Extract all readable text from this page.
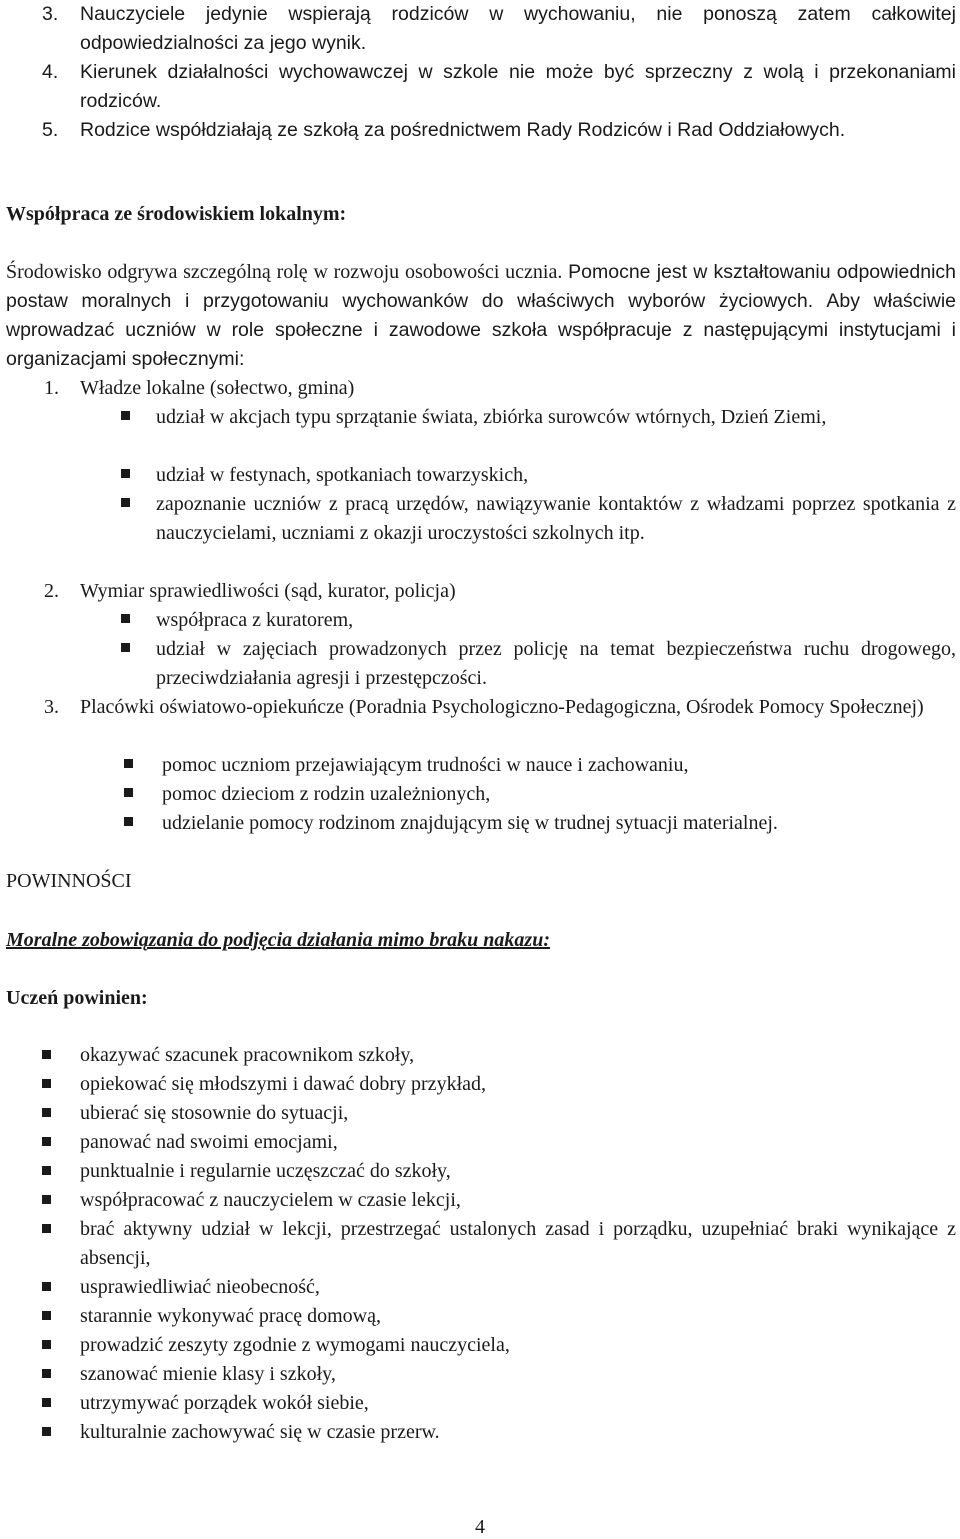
3. Nauczyciele jedynie wspierają rodziców w wychowaniu, nie ponoszą zatem całkowitej odpowiedzialności za jego wynik.
4. Kierunek działalności wychowawczej w szkole nie może być sprzeczny z wolą i przekonaniami rodziców.
5. Rodzice współdziałają ze szkołą za pośrednictwem Rady Rodziców i Rad Oddziałowych.
Współpraca ze środowiskiem lokalnym:

Środowisko odgrywa szczególną rolę w rozwoju osobowości ucznia. Pomocne jest w kształtowaniu odpowiednich postaw moralnych i przygotowaniu wychowanków do właściwych wyborów życiowych. Aby właściwie wprowadzać uczniów w role społeczne i zawodowe szkoła współpracuje z następującymi instytucjami i organizacjami społecznymi:

1. Władze lokalne (sołectwo, gmina)
udział w akcjach typu sprzątanie świata, zbiórka surowców wtórnych, Dzień Ziemi,
udział w festynach, spotkaniach towarzyskich,
zapoznanie uczniów z pracą urzędów, nawiązywanie kontaktów z władzami poprzez spotkania z nauczycielami, uczniami z okazji uroczystości szkolnych itp.
2. Wymiar sprawiedliwości (sąd, kurator, policja)
współpraca z kuratorem,
udział w zajęciach prowadzonych przez policję na temat bezpieczeństwa ruchu drogowego, przeciwdziałania agresji i przestępczości.
3. Placówki oświatowo-opiekuńcze (Poradnia Psychologiczno-Pedagogiczna, Ośrodek Pomocy Społecznej)
pomoc uczniom przejawiającym trudności w nauce i zachowaniu,
pomoc dzieciom z rodzin uzależnionych,
udzielanie pomocy rodzinom znajdującym się w trudnej sytuacji materialnej.
POWINNOŚCI
Moralne zobowiązania do podjęcia działania mimo braku nakazu:
Uczeń powinien:
okazywać szacunek pracownikom szkoły,
opiekować się młodszymi i dawać dobry przykład,
ubierać się stosownie do sytuacji,
panować nad swoimi emocjami,
punktualnie i regularnie uczęszczać do szkoły,
współpracować z nauczycielem w czasie lekcji,
brać aktywny udział w lekcji, przestrzegać ustalonych zasad i porządku, uzupełniać braki wynikające z absencji,
usprawiedliwiać nieobecność,
starannie wykonywać pracę domową,
prowadzić zeszyty zgodnie z wymogami nauczyciela,
szanować mienie klasy i szkoły,
utrzymywać porządek wokół siebie,
kulturalnie zachowywać się w czasie przerw.
4
